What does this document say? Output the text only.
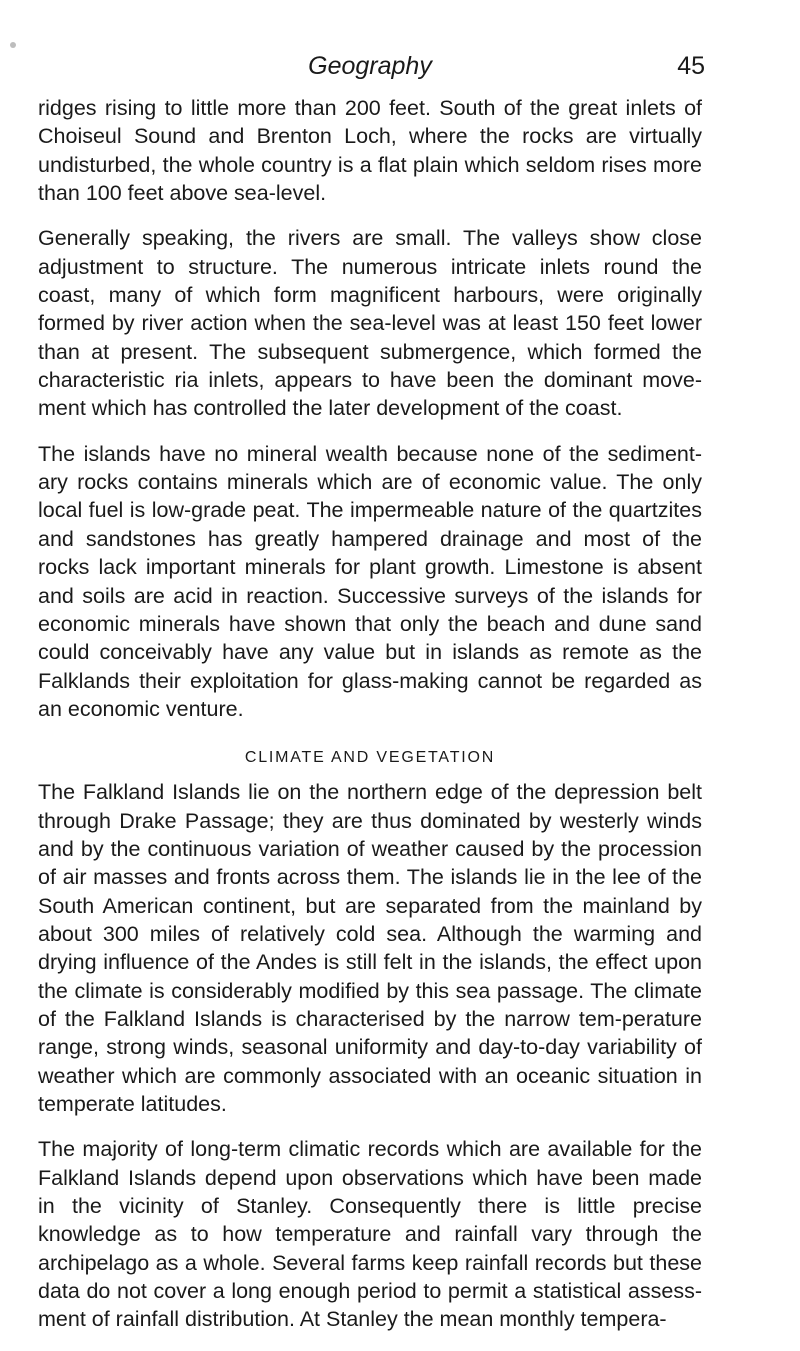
Geography	45

ridges rising to little more than 200 feet. South of the great inlets of Choiseul Sound and Brenton Loch, where the rocks are virtually undisturbed, the whole country is a flat plain which seldom rises more than 100 feet above sea-level.

Generally speaking, the rivers are small. The valleys show close adjustment to structure. The numerous intricate inlets round the coast, many of which form magnificent harbours, were originally formed by river action when the sea-level was at least 150 feet lower than at present. The subsequent submergence, which formed the characteristic ria inlets, appears to have been the dominant move-ment which has controlled the later development of the coast.

The islands have no mineral wealth because none of the sediment-ary rocks contains minerals which are of economic value. The only local fuel is low-grade peat. The impermeable nature of the quartzites and sandstones has greatly hampered drainage and most of the rocks lack important minerals for plant growth. Limestone is absent and soils are acid in reaction. Successive surveys of the islands for economic minerals have shown that only the beach and dune sand could conceivably have any value but in islands as remote as the Falklands their exploitation for glass-making cannot be regarded as an economic venture.

CLIMATE AND VEGETATION

The Falkland Islands lie on the northern edge of the depression belt through Drake Passage; they are thus dominated by westerly winds and by the continuous variation of weather caused by the procession of air masses and fronts across them. The islands lie in the lee of the South American continent, but are separated from the mainland by about 300 miles of relatively cold sea. Although the warming and drying influence of the Andes is still felt in the islands, the effect upon the climate is considerably modified by this sea passage. The climate of the Falkland Islands is characterised by the narrow tem-perature range, strong winds, seasonal uniformity and day-to-day variability of weather which are commonly associated with an oceanic situation in temperate latitudes.

The majority of long-term climatic records which are available for the Falkland Islands depend upon observations which have been made in the vicinity of Stanley. Consequently there is little precise knowledge as to how temperature and rainfall vary through the archipelago as a whole. Several farms keep rainfall records but these data do not cover a long enough period to permit a statistical assess-ment of rainfall distribution. At Stanley the mean monthly tempera-
